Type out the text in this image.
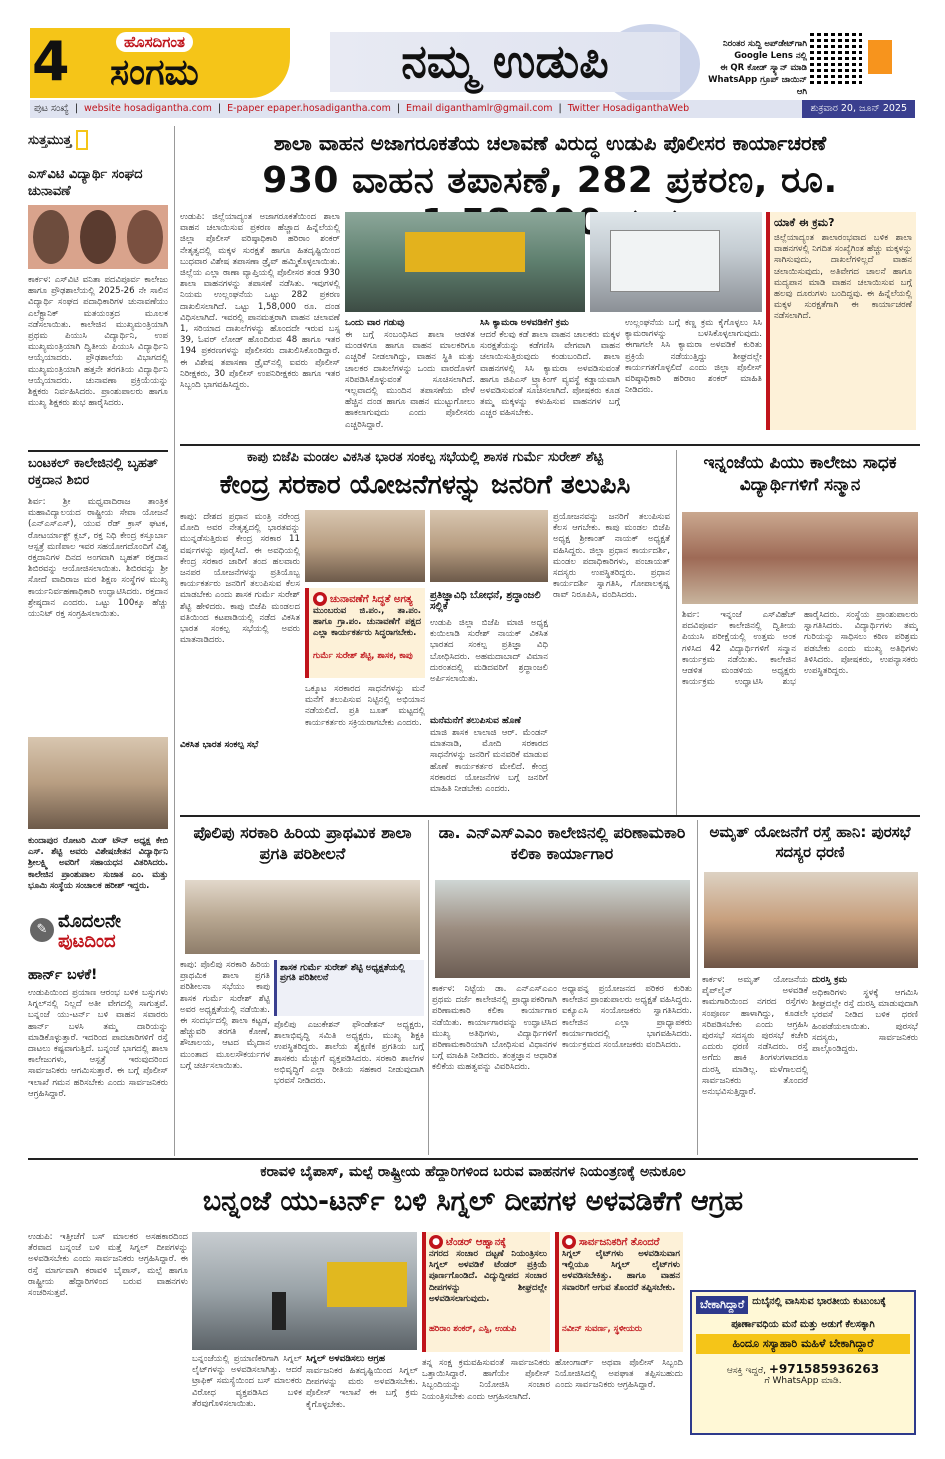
4	ಹೊಸದಿಗಂತ
ಸಂಗಮ	ನಮ್ಮ ಉಡುಪಿ	ನಿರಂತರ ಸುದ್ದಿ ಅಪ್‌ಡೇಟ್‌ಗಾಗಿ
Google Lens ನಲ್ಲಿ
ಈ QR ಕೋಡ್ ಸ್ಕ್ಯಾನ್ ಮಾಡಿ
WhatsApp ಗ್ರೂಪ್ ಜಾಯಿನ್ ಆಗಿ
ಪುಟ ಸಂಖ್ಯೆ | website hosadigantha.com | E-paper epaper.hosadigantha.com | Email diganthamlr@gmail.com | Twitter HosadiganthaWeb	ಶುಕ್ರವಾರ 20, ಜೂನ್ 2025
ಸುತ್ತಮುತ್ತ
ಎಸ್‌ವಿಟಿ ವಿದ್ಯಾರ್ಥಿ ಸಂಘದ ಚುನಾವಣೆ
ಕಾರ್ಕಳ: ಎಸ್‌ವಿಟಿ ವನಿತಾ ಪದವಿಪೂರ್ವ ಕಾಲೇಜು ಹಾಗೂ ಪ್ರೌಢಶಾಲೆಯಲ್ಲಿ 2025-26 ನೇ ಸಾಲಿನ ವಿದ್ಯಾರ್ಥಿ ಸಂಘದ ಪದಾಧಿಕಾರಿಗಳ ಚುನಾವಣೆಯು ಎಲೆಕ್ಟ್ರಾನಿಕ್ ಮತಯಂತ್ರದ ಮೂಲಕ ನಡೆಸಲಾಯಿತು. ಕಾಲೇಜಿನ ಮುಖ್ಯಮಂತ್ರಿಯಾಗಿ ಪ್ರಥಮ ಪಿಯುಸಿ ವಿದ್ಯಾರ್ಥಿನಿ, ಉಪ ಮುಖ್ಯಮಂತ್ರಿಯಾಗಿ ದ್ವಿತೀಯ ಪಿಯುಸಿ ವಿದ್ಯಾರ್ಥಿನಿ ಆಯ್ಕೆಯಾದರು. ಪ್ರೌಢಶಾಲೆಯ ವಿಭಾಗದಲ್ಲಿ ಮುಖ್ಯಮಂತ್ರಿಯಾಗಿ ಹತ್ತನೇ ತರಗತಿಯ ವಿದ್ಯಾರ್ಥಿನಿ ಆಯ್ಕೆಯಾದರು. ಚುನಾವಣಾ ಪ್ರಕ್ರಿಯೆಯನ್ನು ಶಿಕ್ಷಕರು ನಿರ್ವಹಿಸಿದರು. ಪ್ರಾಂಶುಪಾಲರು ಹಾಗೂ ಮುಖ್ಯ ಶಿಕ್ಷಕರು ಶುಭ ಹಾರೈಸಿದರು.
ಬಂಟಕಲ್ ಕಾಲೇಜಿನಲ್ಲಿ ಬೃಹತ್ ರಕ್ತದಾನ ಶಿಬಿರ
ಶಿರ್ವ: ಶ್ರೀ ಮಧ್ವವಾದಿರಾಜ ತಾಂತ್ರಿಕ ಮಹಾವಿದ್ಯಾಲಯದ ರಾಷ್ಟ್ರೀಯ ಸೇವಾ ಯೋಜನೆ (ಎನ್‌ಎಸ್‌ಎಸ್), ಯುವ ರೆಡ್ ಕ್ರಾಸ್ ಘಟಕ, ರೋಟರ್ಯಾಕ್ಟ್ ಕ್ಲಬ್, ರಕ್ತ ನಿಧಿ ಕೇಂದ್ರ ಕಸ್ತೂರ್ಬಾ ಆಸ್ಪತ್ರೆ ಮಣಿಪಾಲ ಇವರ ಸಹಯೋಗದೊಂದಿಗೆ ವಿಶ್ವ ರಕ್ತದಾನಿಗಳ ದಿನದ ಅಂಗವಾಗಿ ಬೃಹತ್ ರಕ್ತದಾನ ಶಿಬಿರವನ್ನು ಆಯೋಜಿಸಲಾಯಿತು. ಶಿಬಿರವನ್ನು ಶ್ರೀ ಸೋದೆ ವಾದಿರಾಜ ಮಠ ಶಿಕ್ಷಣ ಸಂಸ್ಥೆಗಳ ಮುಖ್ಯ ಕಾರ್ಯನಿರ್ವಹಣಾಧಿಕಾರಿ ಉದ್ಘಾಟಿಸಿದರು. ರಕ್ತದಾನ ಶ್ರೇಷ್ಠದಾನ ಎಂದರು. ಒಟ್ಟು 100ಕ್ಕೂ ಹೆಚ್ಚು ಯುನಿಟ್ ರಕ್ತ ಸಂಗ್ರಹಿಸಲಾಯಿತು.
ಕುಂದಾಪುರ ರೋಟರಿ ಮಿಡ್ ಟೌನ್ ಅಧ್ಯಕ್ಷ ಕೇಬಿ ಎಸ್. ಶೆಟ್ಟಿ ಅವರು ವಿಶೇಷಚೇತನ ವಿದ್ಯಾರ್ಥಿನಿ ಶ್ರೀಲಕ್ಷ್ಮಿ ಅವರಿಗೆ ಸಹಾಯಧನ ವಿತರಿಸಿದರು. ಕಾಲೇಜಿನ ಪ್ರಾಂಶುಪಾಲ ಸುಜಾತ ಎಂ. ಮತ್ತು ಭೂಮಿ ಸಂಸ್ಥೆಯ ಸಂಚಾಲಕ ಹರೀಶ್ ಇದ್ದರು.
✎ ಮೊದಲನೇ
ಪುಟದಿಂದ
ಹಾರ್ನ್ ಬಳಕೆ!
ಉಡುಪಿಯಿಂದ ಪ್ರಯಾಣ ಆರಂಭ ಬಳಿಕ ಬಸ್ಸುಗಳು ಸಿಗ್ನಲ್‌ನಲ್ಲಿ ನಿಲ್ಲದೆ ಅತೀ ವೇಗದಲ್ಲಿ ಸಾಗುತ್ತವೆ. ಬನ್ನಂಜೆ ಯು-ಟರ್ನ್ ಬಳಿ ವಾಹನ ಸವಾರರು ಹಾರ್ನ್ ಬಳಸಿ ತಮ್ಮ ದಾರಿಯನ್ನು ಮಾಡಿಕೊಳ್ಳುತ್ತಾರೆ. ಇದರಿಂದ ಪಾದಚಾರಿಗಳಿಗೆ ರಸ್ತೆ ದಾಟಲು ಕಷ್ಟವಾಗುತ್ತಿದೆ. ಬನ್ನಂಜೆ ಭಾಗದಲ್ಲಿ ಶಾಲಾ ಕಾಲೇಜುಗಳು, ಆಸ್ಪತ್ರೆ ಇರುವುದರಿಂದ ಸಾರ್ವಜನಿಕರು ಆಗಮಿಸುತ್ತಾರೆ. ಈ ಬಗ್ಗೆ ಪೊಲೀಸ್ ಇಲಾಖೆ ಗಮನ ಹರಿಸಬೇಕು ಎಂದು ಸಾರ್ವಜನಿಕರು ಆಗ್ರಹಿಸಿದ್ದಾರೆ.
ಶಾಲಾ ವಾಹನ ಅಜಾಗರೂಕತೆಯ ಚಲಾವಣೆ ವಿರುದ್ಧ ಉಡುಪಿ ಪೊಲೀಸರ ಕಾರ್ಯಾಚರಣೆ
930 ವಾಹನ ತಪಾಸಣೆ, 282 ಪ್ರಕರಣ, ರೂ.
ಉಡುಪಿ: ಜಿಲ್ಲೆಯಾದ್ಯಂತ ಅಜಾಗರೂಕತೆಯಿಂದ ಶಾಲಾ ವಾಹನ ಚಲಾಯಿಸುವ ಪ್ರಕರಣ ಹೆಚ್ಚಾದ ಹಿನ್ನೆಲೆಯಲ್ಲಿ ಜಿಲ್ಲಾ ಪೊಲೀಸ್ ವರಿಷ್ಠಾಧಿಕಾರಿ ಹರಿರಾಂ ಶಂಕರ್ ನೇತೃತ್ವದಲ್ಲಿ ಮಕ್ಕಳ ಸುರಕ್ಷತೆ ಹಾಗೂ ಹಿತದೃಷ್ಟಿಯಿಂದ ಬುಧವಾರ ವಿಶೇಷ ತಪಾಸಣಾ ಡ್ರೈವ್ ಹಮ್ಮಿಕೊಳ್ಳಲಾಯಿತು. ಜಿಲ್ಲೆಯ ಎಲ್ಲಾ ಠಾಣಾ ವ್ಯಾಪ್ತಿಯಲ್ಲಿ ಪೊಲೀಸರ ತಂಡ 930 ಶಾಲಾ ವಾಹನಗಳನ್ನು ತಪಾಸಣೆ ನಡೆಸಿತು. ಇವುಗಳಲ್ಲಿ ನಿಯಮ ಉಲ್ಲಂಘನೆಯ ಒಟ್ಟು 282 ಪ್ರಕರಣ ದಾಖಲಿಸಲಾಗಿದೆ. ಒಟ್ಟು 1,58,000 ರೂ. ದಂಡ ವಿಧಿಸಲಾಗಿದೆ. ಇವರಲ್ಲಿ ಪಾನಮತ್ತರಾಗಿ ವಾಹನ ಚಲಾವಣೆ 1, ಸರಿಯಾದ ದಾಖಲೆಗಳನ್ನು ಹೊಂದದೇ ಇರುವ ಬಸ್ಸ 39, ಓವರ್ ಲೋಡ್ ಹೊಂದಿರುವ 48 ಹಾಗೂ ಇತರ 194 ಪ್ರಕರಣಗಳನ್ನು ಪೊಲೀಸರು ದಾಖಲಿಸಿಕೊಂಡಿದ್ದಾರೆ. ಈ ವಿಶೇಷ ತಪಾಸಣಾ ಡ್ರೈವ್‌ನಲ್ಲಿ ಐವರು ಪೊಲೀಸ್ ನಿರೀಕ್ಷಕರು, 30 ಪೊಲೀಸ್ ಉಪನಿರೀಕ್ಷಕರು ಹಾಗೂ ಇತರ ಸಿಬ್ಬಂದಿ ಭಾಗವಹಿಸಿದ್ದರು.
ಯಾಕೆ ಈ ಕ್ರಮ?
ಜಿಲ್ಲೆಯಾದ್ಯಂತ ಶಾಲಾರಂಭವಾದ ಬಳಿಕ ಶಾಲಾ ವಾಹನಗಳಲ್ಲಿ ನಿಗದಿತ ಸಂಖ್ಯೆಗಿಂತ ಹೆಚ್ಚು ಮಕ್ಕಳನ್ನು ಸಾಗಿಸುವುದು, ದಾಖಲೆಗಳಿಲ್ಲದೆ ವಾಹನ ಚಲಾಯಿಸುವುದು, ಅತಿವೇಗದ ಚಾಲನೆ ಹಾಗೂ ಮದ್ಯಪಾನ ಮಾಡಿ ವಾಹನ ಚಲಾಯಿಸುವ ಬಗ್ಗೆ ಹಲವು ದೂರುಗಳು ಬಂದಿದ್ದವು. ಈ ಹಿನ್ನೆಲೆಯಲ್ಲಿ ಮಕ್ಕಳ ಸುರಕ್ಷತೆಗಾಗಿ ಈ ಕಾರ್ಯಾಚರಣೆ ನಡೆಸಲಾಗಿದೆ.
ಒಂದು ವಾರ ಗಡುವು
ಈ ಬಗ್ಗೆ ಸಂಬಂಧಿಸಿದ ಶಾಲಾ ಆಡಳಿತ ಮಂಡಳಿಗೂ ಹಾಗೂ ವಾಹನ ಮಾಲಕರಿಗೂ ಎಚ್ಚರಿಕೆ ನೀಡಲಾಗಿದ್ದು, ವಾಹನ ಸ್ಥಿತಿ ಮತ್ತು ಚಾಲಕರ ದಾಖಲೆಗಳನ್ನು ಒಂದು ವಾರದೊಳಗೆ ಸರಿಪಡಿಸಿಕೊಳ್ಳುವಂತೆ ಸೂಚಿಸಲಾಗಿದೆ. ಇಲ್ಲವಾದಲ್ಲಿ ಮುಂದಿನ ತಪಾಸಣೆಯ ವೇಳೆ ಹೆಚ್ಚಿನ ದಂಡ ಹಾಗೂ ವಾಹನ ಮುಟ್ಟುಗೋಲು ಹಾಕಲಾಗುವುದು ಎಂದು ಪೊಲೀಸರು ಎಚ್ಚರಿಸಿದ್ದಾರೆ.
ಸಿಸಿ ಕ್ಯಾಮರಾ ಅಳವಡಿಕೆಗೆ ಕ್ರಮ
ಆದರೆ ಕೆಲವು ಕಡೆ ಶಾಲಾ ವಾಹನ ಚಾಲಕರು ಮಕ್ಕಳ ಸುರಕ್ಷತೆಯನ್ನು ಕಡೆಗಣಿಸಿ ವೇಗವಾಗಿ ವಾಹನ ಚಲಾಯಿಸುತ್ತಿರುವುದು ಕಂಡುಬಂದಿದೆ. ಶಾಲಾ ವಾಹನಗಳಲ್ಲಿ ಸಿಸಿ ಕ್ಯಾಮರಾ ಅಳವಡಿಸುವಂತೆ ಹಾಗೂ ಜಿಪಿಎಸ್ ಟ್ರ್ಯಾಕಿಂಗ್ ವ್ಯವಸ್ಥೆ ಕಡ್ಡಾಯವಾಗಿ ಅಳವಡಿಸುವಂತೆ ಸೂಚಿಸಲಾಗಿದೆ. ಪೋಷಕರು ಕೂಡ ತಮ್ಮ ಮಕ್ಕಳನ್ನು ಕಳುಹಿಸುವ ವಾಹನಗಳ ಬಗ್ಗೆ ಎಚ್ಚರ ವಹಿಸಬೇಕು.
ಉಲ್ಲಂಘನೆಯ ಬಗ್ಗೆ ಕಣ್ಣ ಕ್ರಮ ಕೈಗೊಳ್ಳಲು ಸಿಸಿ ಕ್ಯಾಮರಾಗಳನ್ನು ಬಳಸಿಕೊಳ್ಳಲಾಗುವುದು. ಈಗಾಗಲೇ ಸಿಸಿ ಕ್ಯಾಮರಾ ಅಳವಡಿಕೆ ಕುರಿತು ಪ್ರಕ್ರಿಯೆ ನಡೆಯುತ್ತಿದ್ದು ಶೀಘ್ರದಲ್ಲೇ ಕಾರ್ಯಗತಗೊಳ್ಳಲಿದೆ ಎಂದು ಜಿಲ್ಲಾ ಪೊಲೀಸ್ ವರಿಷ್ಠಾಧಿಕಾರಿ ಹರಿರಾಂ ಶಂಕರ್ ಮಾಹಿತಿ ನೀಡಿದರು.
ಕಾಪು ಬಿಜೆಪಿ ಮಂಡಲ ವಿಕಸಿತ ಭಾರತ ಸಂಕಲ್ಪ ಸಭೆಯಲ್ಲಿ ಶಾಸಕ ಗುರ್ಮೆ ಸುರೇಶ್ ಶೆಟ್ಟಿ
ಕೇಂದ್ರ ಸರಕಾರ ಯೋಜನೆಗಳನ್ನು ಜನರಿಗೆ ತಲುಪಿಸಿ
ಕಾಪು: ದೇಶದ ಪ್ರಧಾನ ಮಂತ್ರಿ ನರೇಂದ್ರ ಮೋದಿ ಅವರ ನೇತೃತ್ವದಲ್ಲಿ ಭಾರತವನ್ನು ಮುನ್ನಡೆಸುತ್ತಿರುವ ಕೇಂದ್ರ ಸರಕಾರ 11 ವರ್ಷಗಳನ್ನು ಪೂರೈಸಿದೆ. ಈ ಅವಧಿಯಲ್ಲಿ ಕೇಂದ್ರ ಸರಕಾರ ಜಾರಿಗೆ ತಂದ ಹಲವಾರು ಜನಪರ ಯೋಜನೆಗಳನ್ನು ಪ್ರತಿಯೊಬ್ಬ ಕಾರ್ಯಕರ್ತರು ಜನರಿಗೆ ತಲುಪಿಸುವ ಕೆಲಸ ಮಾಡಬೇಕು ಎಂದು ಶಾಸಕ ಗುರ್ಮೆ ಸುರೇಶ್ ಶೆಟ್ಟಿ ಹೇಳಿದರು. ಕಾಪು ಬಿಜೆಪಿ ಮಂಡಲದ ವತಿಯಿಂದ ಕಟಪಾಡಿಯಲ್ಲಿ ನಡೆದ ವಿಕಸಿತ ಭಾರತ ಸಂಕಲ್ಪ ಸಭೆಯಲ್ಲಿ ಅವರು ಮಾತನಾಡಿದರು.
ಪ್ರಯೋಜನವನ್ನು ಜನರಿಗೆ ತಲುಪಿಸುವ ಕೆಲಸ ಆಗಬೇಕು. ಕಾಪು ಮಂಡಲ ಬಿಜೆಪಿ ಅಧ್ಯಕ್ಷ ಶ್ರೀಕಾಂತ್ ನಾಯಕ್ ಅಧ್ಯಕ್ಷತೆ ವಹಿಸಿದ್ದರು. ಜಿಲ್ಲಾ ಪ್ರಧಾನ ಕಾರ್ಯದರ್ಶಿ, ಮಂಡಲ ಪದಾಧಿಕಾರಿಗಳು, ಪಂಚಾಯತ್ ಸದಸ್ಯರು ಉಪಸ್ಥಿತರಿದ್ದರು. ಪ್ರಧಾನ ಕಾರ್ಯದರ್ಶಿ ಸ್ವಾಗತಿಸಿ, ಗೋಪಾಲಕೃಷ್ಣ ರಾವ್ ನಿರೂಪಿಸಿ, ವಂದಿಸಿದರು.
● ಚುನಾವಣೆಗೆ ಸಿದ್ಧತೆ ಅಗತ್ಯ
ಮುಂಬರುವ ಜಿ.ಪಂ., ತಾ.ಪಂ. ಹಾಗೂ ಗ್ರಾ.ಪಂ. ಚುನಾವಣೆಗೆ ಪಕ್ಷದ ಎಲ್ಲಾ ಕಾರ್ಯಕರ್ತರು ಸಿದ್ಧರಾಗಬೇಕು.
ಗುರ್ಮೆ ಸುರೇಶ್ ಶೆಟ್ಟಿ, ಶಾಸಕ, ಕಾಪು
ಪ್ರತಿಜ್ಞಾವಿಧಿ ಬೋಧನೆ, ಶ್ರದ್ಧಾಂಜಲಿ ಸಲ್ಲಿಕೆ
ಉಡುಪಿ ಜಿಲ್ಲಾ ಬಿಜೆಪಿ ಮಾಜಿ ಅಧ್ಯಕ್ಷ ಕುಯಿಲಾಡಿ ಸುರೇಶ್ ನಾಯಕ್ ವಿಕಸಿತ ಭಾರತದ ಸಂಕಲ್ಪ ಪ್ರತಿಜ್ಞಾ ವಿಧಿ ಬೋಧಿಸಿದರು. ಅಹಮದಾಬಾದ್ ವಿಮಾನ ದುರಂತದಲ್ಲಿ ಮಡಿದವರಿಗೆ ಶ್ರದ್ಧಾಂಜಲಿ ಅರ್ಪಿಸಲಾಯಿತು.
ಮನೆಮನೆಗೆ ತಲುಪಿಸುವ ಹೊಣೆ
ಮಾಜಿ ಶಾಸಕ ಲಾಲಾಜಿ ಆರ್. ಮೆಂಡನ್ ಮಾತನಾಡಿ, ಮೋದಿ ಸರಕಾರದ ಸಾಧನೆಗಳನ್ನು ಜನರಿಗೆ ಮನವರಿಕೆ ಮಾಡುವ ಹೊಣೆ ಕಾರ್ಯಕರ್ತರ ಮೇಲಿದೆ. ಕೇಂದ್ರ ಸರಕಾರದ ಯೋಜನೆಗಳ ಬಗ್ಗೆ ಜನರಿಗೆ ಮಾಹಿತಿ ನೀಡಬೇಕು ಎಂದರು.
ವಿಕಸಿತ ಭಾರತ ಸಂಕಲ್ಪ ಸಭೆ
ಒಕ್ಕೂಟ ಸರಕಾರದ ಸಾಧನೆಗಳನ್ನು ಮನೆ ಮನೆಗೆ ತಲುಪಿಸುವ ನಿಟ್ಟಿನಲ್ಲಿ ಅಭಿಯಾನ ನಡೆಯಲಿದೆ. ಪ್ರತಿ ಬೂತ್ ಮಟ್ಟದಲ್ಲಿ ಕಾರ್ಯಕರ್ತರು ಸಕ್ರಿಯರಾಗಬೇಕು ಎಂದರು.
ಇನ್ನಂಜೆಯ ಪಿಯು ಕಾಲೇಜು ಸಾಧಕ ವಿದ್ಯಾರ್ಥಿಗಳಿಗೆ ಸನ್ಮಾನ
ಶಿರ್ವ: ಇನ್ನಂಜೆ ಎಸ್‌ವಿಹೆಚ್ ಪದವಿಪೂರ್ವ ಕಾಲೇಜಿನಲ್ಲಿ ದ್ವಿತೀಯ ಪಿಯುಸಿ ಪರೀಕ್ಷೆಯಲ್ಲಿ ಉತ್ತಮ ಅಂಕ ಗಳಿಸಿದ 42 ವಿದ್ಯಾರ್ಥಿಗಳಿಗೆ ಸನ್ಮಾನ ಕಾರ್ಯಕ್ರಮ ನಡೆಯಿತು. ಕಾಲೇಜಿನ ಆಡಳಿತ ಮಂಡಳಿಯ ಅಧ್ಯಕ್ಷರು ಕಾರ್ಯಕ್ರಮ ಉದ್ಘಾಟಿಸಿ ಶುಭ ಹಾರೈಸಿದರು. ಸಂಸ್ಥೆಯ ಪ್ರಾಂಶುಪಾಲರು ಸ್ವಾಗತಿಸಿದರು. ವಿದ್ಯಾರ್ಥಿಗಳು ತಮ್ಮ ಗುರಿಯನ್ನು ಸಾಧಿಸಲು ಕಠಿಣ ಪರಿಶ್ರಮ ಪಡಬೇಕು ಎಂದು ಮುಖ್ಯ ಅತಿಥಿಗಳು ತಿಳಿಸಿದರು. ಪೋಷಕರು, ಉಪನ್ಯಾಸಕರು ಉಪಸ್ಥಿತರಿದ್ದರು.
ಪೊಲಿಪು ಸರಕಾರಿ ಹಿರಿಯ ಪ್ರಾಥಮಿಕ ಶಾಲಾ ಪ್ರಗತಿ ಪರಿಶೀಲನೆ
ಕಾಪು: ಪೊಲಿಪು ಸರಕಾರಿ ಹಿರಿಯ ಪ್ರಾಥಮಿಕ ಶಾಲಾ ಪ್ರಗತಿ ಪರಿಶೀಲನಾ ಸಭೆಯು ಕಾಪು ಶಾಸಕ ಗುರ್ಮೆ ಸುರೇಶ್ ಶೆಟ್ಟಿ ಅವರ ಅಧ್ಯಕ್ಷತೆಯಲ್ಲಿ ನಡೆಯಿತು. ಈ ಸಂದರ್ಭದಲ್ಲಿ ಶಾಲಾ ಕಟ್ಟಡ, ಹೆಚ್ಚುವರಿ ತರಗತಿ ಕೋಣೆ, ಶೌಚಾಲಯ, ಆಟದ ಮೈದಾನ ಮುಂತಾದ ಮೂಲಸೌಕರ್ಯಗಳ ಬಗ್ಗೆ ಚರ್ಚಿಸಲಾಯಿತು.
ಶಾಸಕ ಗುರ್ಮೆ ಸುರೇಶ್ ಶೆಟ್ಟಿ ಅಧ್ಯಕ್ಷತೆಯಲ್ಲಿ ಪ್ರಗತಿ ಪರಿಶೀಲನೆ
ಪೊಲಿಪು ಎಜುಕೇಶನ್ ಫೌಂಡೇಶನ್ ಅಧ್ಯಕ್ಷರು, ಶಾಲಾಭಿವೃದ್ಧಿ ಸಮಿತಿ ಅಧ್ಯಕ್ಷರು, ಮುಖ್ಯ ಶಿಕ್ಷಕಿ ಉಪಸ್ಥಿತರಿದ್ದರು. ಶಾಲೆಯ ಶೈಕ್ಷಣಿಕ ಪ್ರಗತಿಯ ಬಗ್ಗೆ ಶಾಸಕರು ಮೆಚ್ಚುಗೆ ವ್ಯಕ್ತಪಡಿಸಿದರು. ಸರಕಾರಿ ಶಾಲೆಗಳ ಅಭಿವೃದ್ಧಿಗೆ ಎಲ್ಲಾ ರೀತಿಯ ಸಹಕಾರ ನೀಡುವುದಾಗಿ ಭರವಸೆ ನೀಡಿದರು.
ಡಾ. ಎನ್‌ಎಸ್‌ಎಎಂ ಕಾಲೇಜಿನಲ್ಲಿ ಪರಿಣಾಮಕಾರಿ ಕಲಿಕಾ ಕಾರ್ಯಾಗಾರ
ಕಾರ್ಕಳ: ನಿಟ್ಟೆಯ ಡಾ. ಎನ್‌ಎಸ್‌ಎಎಂ ಪ್ರಥಮ ದರ್ಜೆ ಕಾಲೇಜಿನಲ್ಲಿ ಪ್ರಾಧ್ಯಾಪಕರಿಗಾಗಿ ಪರಿಣಾಮಕಾರಿ ಕಲಿಕಾ ಕಾರ್ಯಾಗಾರ ನಡೆಯಿತು. ಕಾರ್ಯಾಗಾರವನ್ನು ಉದ್ಘಾಟಿಸಿದ ಮುಖ್ಯ ಅತಿಥಿಗಳು, ವಿದ್ಯಾರ್ಥಿಗಳಿಗೆ ಪರಿಣಾಮಕಾರಿಯಾಗಿ ಬೋಧಿಸುವ ವಿಧಾನಗಳ ಬಗ್ಗೆ ಮಾಹಿತಿ ನೀಡಿದರು. ತಂತ್ರಜ್ಞಾನ ಆಧಾರಿತ ಕಲಿಕೆಯ ಮಹತ್ವವನ್ನು ವಿವರಿಸಿದರು.
ಅಧ್ಯಾಪನ್ನ ಪ್ರಯೋಜನದ ಪರಿಕರ ಕುರಿತು ಕಾಲೇಜಿನ ಪ್ರಾಂಶುಪಾಲರು ಅಧ್ಯಕ್ಷತೆ ವಹಿಸಿದ್ದರು. ಐಕ್ಯೂಎಸಿ ಸಂಯೋಜಕರು ಸ್ವಾಗತಿಸಿದರು. ಕಾಲೇಜಿನ ಎಲ್ಲಾ ಪ್ರಾಧ್ಯಾಪಕರು ಕಾರ್ಯಾಗಾರದಲ್ಲಿ ಭಾಗವಹಿಸಿದರು. ಕಾರ್ಯಕ್ರಮದ ಸಂಯೋಜಕರು ವಂದಿಸಿದರು.
ಅಮೃತ್ ಯೋಜನೆಗೆ ರಸ್ತೆ ಹಾನಿ: ಪುರಸಭೆ ಸದಸ್ಯರ ಧರಣಿ
ಕಾರ್ಕಳ: ಅಮೃತ್ ಯೋಜನೆಯ ಪೈಪ್‌ಲೈನ್ ಅಳವಡಿಕೆ ಕಾಮಗಾರಿಯಿಂದ ನಗರದ ರಸ್ತೆಗಳು ಸಂಪೂರ್ಣ ಹಾಳಾಗಿದ್ದು, ಕೂಡಲೇ ಸರಿಪಡಿಸಬೇಕು ಎಂದು ಆಗ್ರಹಿಸಿ ಪುರಸಭೆ ಸದಸ್ಯರು ಪುರಸಭೆ ಕಚೇರಿ ಎದುರು ಧರಣಿ ನಡೆಸಿದರು. ರಸ್ತೆ ಅಗೆದು ಹಾಕಿ ತಿಂಗಳುಗಳಾದರೂ ದುರಸ್ತಿ ಮಾಡಿಲ್ಲ. ಮಳೆಗಾಲದಲ್ಲಿ ಸಾರ್ವಜನಿಕರು ತೊಂದರೆ ಅನುಭವಿಸುತ್ತಿದ್ದಾರೆ.
ದುರಸ್ತಿ ಕ್ರಮ
ಅಧಿಕಾರಿಗಳು ಸ್ಥಳಕ್ಕೆ ಆಗಮಿಸಿ ಶೀಘ್ರದಲ್ಲೇ ರಸ್ತೆ ದುರಸ್ತಿ ಮಾಡುವುದಾಗಿ ಭರವಸೆ ನೀಡಿದ ಬಳಿಕ ಧರಣಿ ಹಿಂಪಡೆಯಲಾಯಿತು. ಪುರಸಭೆ ಸದಸ್ಯರು, ಸಾರ್ವಜನಿಕರು ಪಾಲ್ಗೊಂಡಿದ್ದರು.
ಕರಾವಳಿ ಬೈಪಾಸ್, ಮಲ್ಪೆ ರಾಷ್ಟ್ರೀಯ ಹೆದ್ದಾರಿಗಳಿಂದ ಬರುವ ವಾಹನಗಳ ನಿಯಂತ್ರಣಕ್ಕೆ ಅನುಕೂಲ
ಬನ್ನಂಜೆ ಯು-ಟರ್ನ್ ಬಳಿ ಸಿಗ್ನಲ್ ದೀಪಗಳ ಅಳವಡಿಕೆಗೆ ಆಗ್ರಹ
ಉಡುಪಿ: ಇತ್ತೀಚೆಗೆ ಬಸ್ ಮಾಲಕರ ಅಸಹಕಾರದಿಂದ ತೆರವಾದ ಬನ್ನಂಜೆ ಬಳಿ ಮತ್ತೆ ಸಿಗ್ನಲ್ ದೀಪಗಳನ್ನು ಅಳವಡಿಸಬೇಕು ಎಂದು ಸಾರ್ವಜನಿಕರು ಆಗ್ರಹಿಸಿದ್ದಾರೆ. ಈ ರಸ್ತೆ ಮಾರ್ಗವಾಗಿ ಕರಾವಳಿ ಬೈಪಾಸ್, ಮಲ್ಪೆ ಹಾಗೂ ರಾಷ್ಟ್ರೀಯ ಹೆದ್ದಾರಿಗಳಿಂದ ಬರುವ ವಾಹನಗಳು ಸಂಚರಿಸುತ್ತವೆ.
ಬನ್ನಂಜೆಯಲ್ಲಿ ಪ್ರಯಾಣಿಕರಿಗಾಗಿ ಸಿಗ್ನಲ್ ಲೈಟ್‌ಗಳನ್ನು ಅಳವಡಿಸಲಾಗಿತ್ತು. ಆದರೆ ಟ್ರಾಫಿಕ್ ಸಮಸ್ಯೆಯಿಂದ ಬಸ್ ಮಾಲಕರು ವಿರೋಧ ವ್ಯಕ್ತಪಡಿಸಿದ ಬಳಿಕ ತೆರವುಗೊಳಿಸಲಾಯಿತು.
ಸಿಗ್ನಲ್ ಅಳವಡಿಸಲು ಆಗ್ರಹ
ಸಾರ್ವಜನಿಕರ ಹಿತದೃಷ್ಟಿಯಿಂದ ಸಿಗ್ನಲ್ ದೀಪಗಳನ್ನು ಮರು ಅಳವಡಿಸಬೇಕು. ಪೊಲೀಸ್ ಇಲಾಖೆ ಈ ಬಗ್ಗೆ ಕ್ರಮ ಕೈಗೊಳ್ಳಬೇಕು.
● ಟೆಂಡರ್ ಆಹ್ವಾನಕ್ಕೆ
ನಗರದ ಸಂಚಾರ ದಟ್ಟಣೆ ನಿಯಂತ್ರಿಸಲು ಸಿಗ್ನಲ್ ಅಳವಡಿಕೆ ಟೆಂಡರ್ ಪ್ರಕ್ರಿಯೆ ಪೂರ್ಣಗೊಂಡಿದೆ. ವಿದ್ಯುದ್ದೀಪದ ಸಂಚಾರ ದೀಪಗಳನ್ನು ಶೀಘ್ರದಲ್ಲೇ ಅಳವಡಿಸಲಾಗುವುದು.
ಹರಿರಾಂ ಶಂಕರ್, ಎಸ್ಪಿ, ಉಡುಪಿ
● ಸಾರ್ವಜನಿಕರಿಗೆ ತೊಂದರೆ
ಸಿಗ್ನಲ್ ಲೈಟ್‌ಗಳು ಅಳವಡಿಸುವಾಗ ಇಲ್ಲಿಯೂ ಸಿಗ್ನಲ್ ಲೈಟ್‌ಗಳು ಅಳವಡಿಸಬೇಕಿತ್ತು. ಹಾಗೂ ವಾಹನ ಸವಾರರಿಗೆ ಆಗುವ ತೊಂದರೆ ತಪ್ಪಿಸಬೇಕು.
ನವೀನ್ ಸುವರ್ಣ, ಸ್ಥಳೀಯರು
ತನ್ನ ಸಂಕ್ಷ ಕ್ರಮವಹಿಸುವಂತೆ ಸಾರ್ವಜನಿಕರು ಒತ್ತಾಯಿಸಿದ್ದಾರೆ. ಹಾಗೆಯೇ ಪೊಲೀಸ್ ಸಿಬ್ಬಂದಿಯನ್ನು ನಿಯೋಜಿಸಿ ಸಂಚಾರ ನಿಯಂತ್ರಿಸಬೇಕು ಎಂದು ಆಗ್ರಹಿಸಲಾಗಿದೆ.
ಹೋಂಗಾರ್ಡ್ ಅಥವಾ ಪೊಲೀಸ್ ಸಿಬ್ಬಂದಿ ನಿಯೋಜಿಸಿದಲ್ಲಿ ಅಪಘಾತ ತಪ್ಪಿಸಬಹುದು ಎಂದು ಸಾರ್ವಜನಿಕರು ಆಗ್ರಹಿಸಿದ್ದಾರೆ.
ಬೇಕಾಗಿದ್ದಾರೆ ದುಬೈನಲ್ಲಿ ವಾಸಿಸುವ ಭಾರತೀಯ ಕುಟುಂಬಕ್ಕೆ
ಪೂರ್ಣಾವಧಿಯ ಮನೆ ಮತ್ತು ಅಡುಗೆ ಕೆಲಸಕ್ಕಾಗಿ
ಹಿಂದೂ ಸಸ್ಯಾಹಾರಿ ಮಹಿಳೆ ಬೇಕಾಗಿದ್ದಾರೆ
ಆಸಕ್ತಿ ಇದ್ದರೆ, +971585936263
ಗೆ WhatsApp ಮಾಡಿ.
